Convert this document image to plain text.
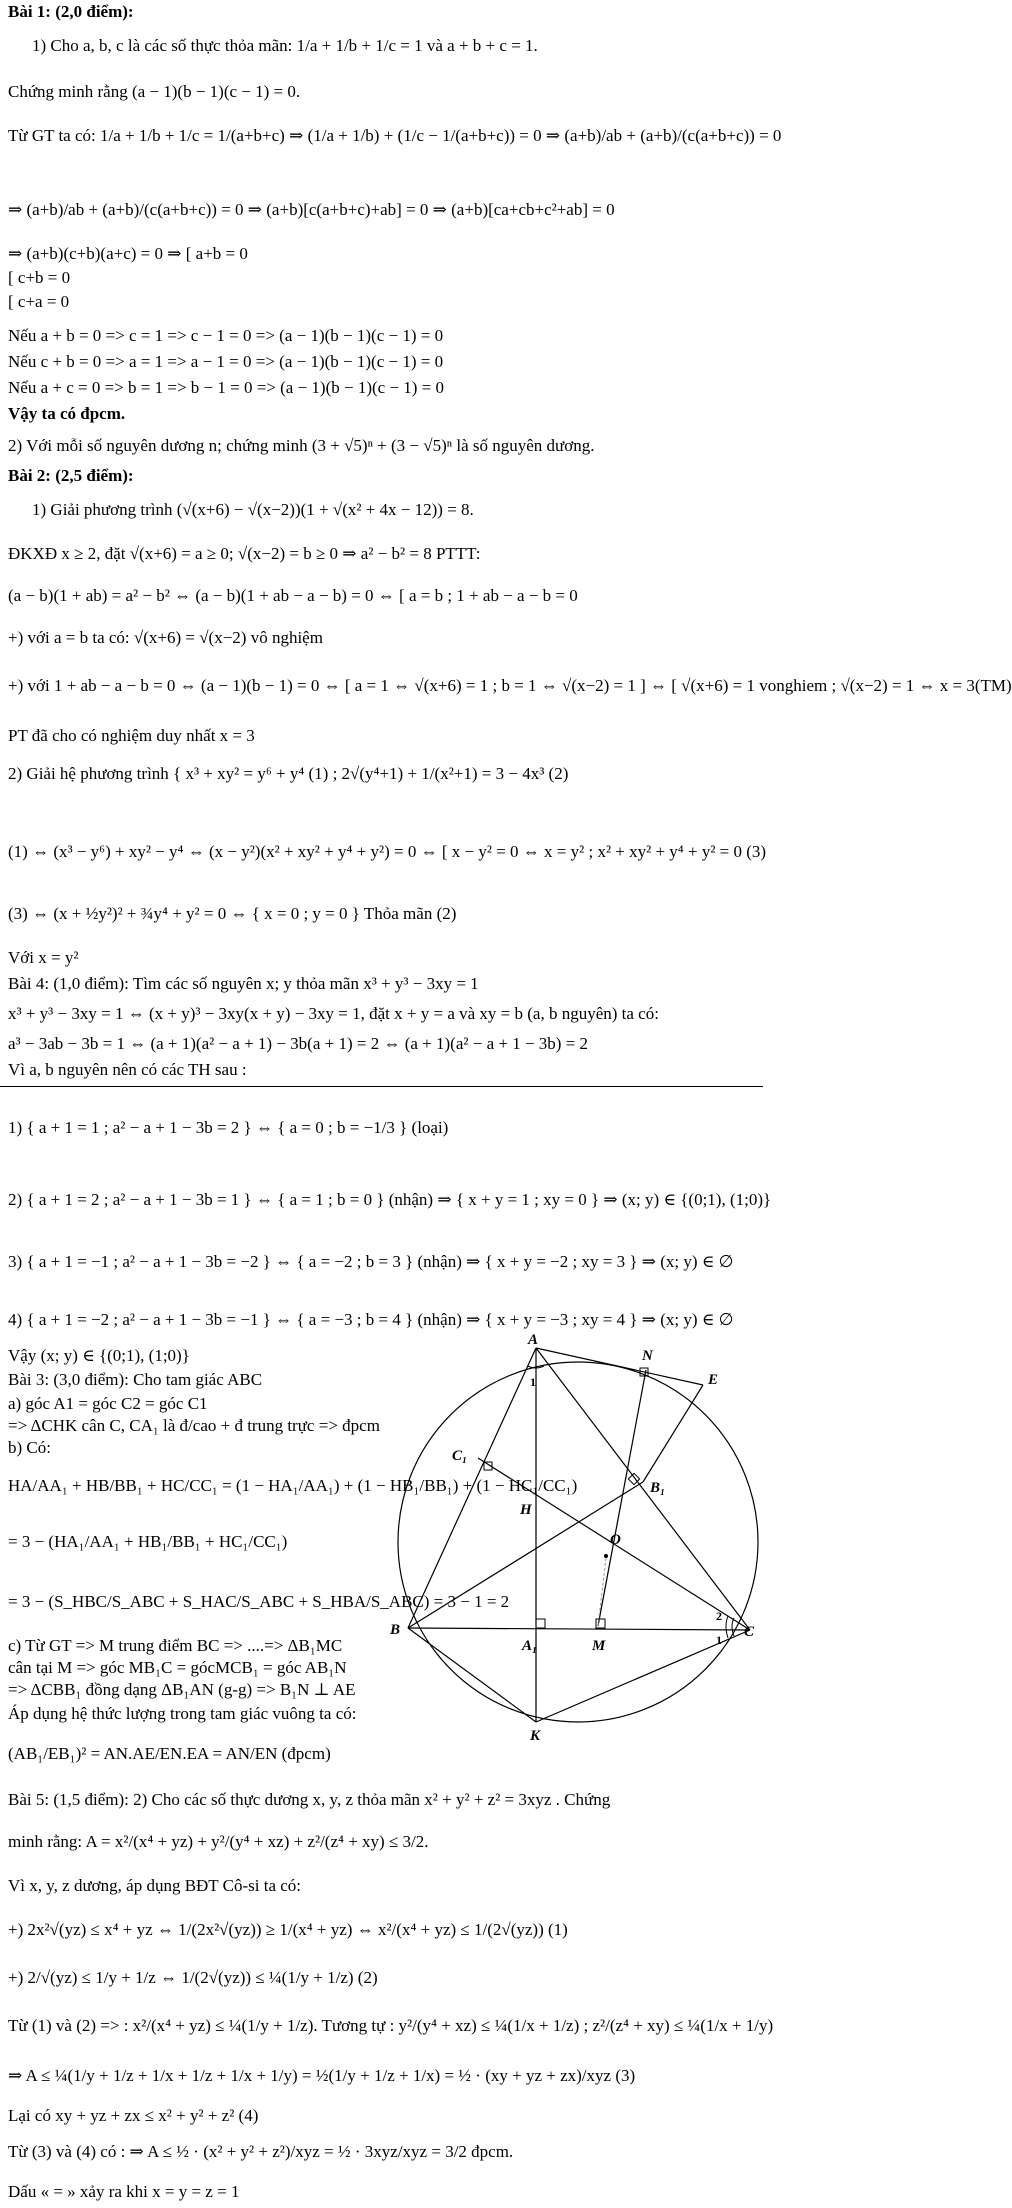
Bài 1: (2,0 điểm):
1) Cho a, b, c là các số thực thỏa mãn: 1/a + 1/b + 1/c = 1 và a + b + c = 1.
Chứng minh rằng (a − 1)(b − 1)(c − 1) = 0.
Từ GT ta có: 1/a + 1/b + 1/c = 1/(a+b+c) ⇒ (1/a + 1/b) + (1/c − 1/(a+b+c)) = 0 ⇒ (a+b)/ab + (a+b)/(c(a+b+c)) = 0
⇒ (a+b)/ab + (a+b)/(c(a+b+c)) = 0 ⇒ (a+b)[c(a+b+c)+ab] = 0 ⇒ (a+b)[ca+cb+c²+ab] = 0
⇒ (a+b)(c+b)(a+c) = 0 ⇒ [ a+b = 0
[ c+b = 0
[ c+a = 0
Nếu a + b = 0 => c = 1 => c − 1 = 0 => (a − 1)(b − 1)(c − 1) = 0
Nếu c + b = 0 => a = 1 => a − 1 = 0 => (a − 1)(b − 1)(c − 1) = 0
Nếu a + c = 0 => b = 1 => b − 1 = 0 => (a − 1)(b − 1)(c − 1) = 0
Vậy ta có đpcm.
2) Với mỗi số nguyên dương n; chứng minh (3 + √5)ⁿ + (3 − √5)ⁿ là số nguyên dương.
Bài 2: (2,5 điểm):
1) Giải phương trình (√(x+6) − √(x−2))(1 + √(x² + 4x − 12)) = 8.
ĐKXĐ x ≥ 2, đặt √(x+6) = a ≥ 0; √(x−2) = b ≥ 0 ⇒ a² − b² = 8 PTTT:
(a − b)(1 + ab) = a² − b² ⇔ (a − b)(1 + ab − a − b) = 0 ⇔ [ a = b ; 1 + ab − a − b = 0
+) với a = b ta có: √(x+6) = √(x−2) vô nghiệm
+) với 1 + ab − a − b = 0 ⇔ (a − 1)(b − 1) = 0 ⇔ [ a = 1 ⇔ √(x+6) = 1 ; b = 1 ⇔ √(x−2) = 1 ] ⇔ [ √(x+6) = 1 vonghiem ; √(x−2) = 1 ⇔ x = 3(TM)
PT đã cho có nghiệm duy nhất x = 3
2) Giải hệ phương trình { x³ + xy² = y⁶ + y⁴ (1) ; 2√(y⁴+1) + 1/(x²+1) = 3 − 4x³ (2)
(1) ⇔ (x³ − y⁶) + xy² − y⁴ ⇔ (x − y²)(x² + xy² + y⁴ + y²) = 0 ⇔ [ x − y² = 0 ⇔ x = y² ; x² + xy² + y⁴ + y² = 0 (3)
(3) ⇔ (x + ½y²)² + ¾y⁴ + y² = 0 ⇔ { x = 0 ; y = 0 } Thỏa mãn (2)
Với x = y²
Bài 4: (1,0 điểm): Tìm các số nguyên x; y thỏa mãn x³ + y³ − 3xy = 1
x³ + y³ − 3xy = 1 ⇔ (x + y)³ − 3xy(x + y) − 3xy = 1, đặt x + y = a và xy = b (a, b nguyên) ta có:
a³ − 3ab − 3b = 1 ⇔ (a + 1)(a² − a + 1) − 3b(a + 1) = 2 ⇔ (a + 1)(a² − a + 1 − 3b) = 2
Vì a, b nguyên nên có các TH sau :
1) { a + 1 = 1 ; a² − a + 1 − 3b = 2 } ⇔ { a = 0 ; b = −1/3 } (loại)
2) { a + 1 = 2 ; a² − a + 1 − 3b = 1 } ⇔ { a = 1 ; b = 0 } (nhận) ⇒ { x + y = 1 ; xy = 0 } ⇒ (x; y) ∈ {(0;1), (1;0)}
3) { a + 1 = −1 ; a² − a + 1 − 3b = −2 } ⇔ { a = −2 ; b = 3 } (nhận) ⇒ { x + y = −2 ; xy = 3 } ⇒ (x; y) ∈ ∅
4) { a + 1 = −2 ; a² − a + 1 − 3b = −1 } ⇔ { a = −3 ; b = 4 } (nhận) ⇒ { x + y = −3 ; xy = 4 } ⇒ (x; y) ∈ ∅
Vậy (x; y) ∈ {(0;1), (1;0)}
Bài 3: (3,0 điểm): Cho tam giác ABC
a) góc A1 = góc C2 = góc C1
=> ΔCHK cân C, CA₁ là đ/cao + đ trung trực => đpcm
b) Có:
HA/AA₁ + HB/BB₁ + HC/CC₁ = (1 − HA₁/AA₁) + (1 − HB₁/BB₁) + (1 − HC₁/CC₁)
= 3 − (HA₁/AA₁ + HB₁/BB₁ + HC₁/CC₁)
= 3 − (S_HBC/S_ABC + S_HAC/S_ABC + S_HBA/S_ABC) = 3 − 1 = 2
c) Từ GT => M trung điểm BC => ....=> ΔB₁MC
cân tại M => góc MB₁C = gócMCB₁ = góc AB₁N
=> ΔCBB₁ đồng dạng ΔB₁AN (g-g) => B₁N ⊥ AE
Áp dụng hệ thức lượng trong tam giác vuông ta có:
(AB₁/EB₁)² = AN.AE/EN.EA = AN/EN (đpcm)
Bài 5: (1,5 điểm): 2) Cho các số thực dương x, y, z thỏa mãn x² + y² + z² = 3xyz . Chứng
minh rằng: A = x²/(x⁴ + yz) + y²/(y⁴ + xz) + z²/(z⁴ + xy) ≤ 3/2.
Vì x, y, z dương, áp dụng BĐT Cô-si ta có:
+) 2x²√(yz) ≤ x⁴ + yz ⇔ 1/(2x²√(yz)) ≥ 1/(x⁴ + yz) ⇔ x²/(x⁴ + yz) ≤ 1/(2√(yz)) (1)
+) 2/√(yz) ≤ 1/y + 1/z ⇔ 1/(2√(yz)) ≤ ¼(1/y + 1/z) (2)
Từ (1) và (2) => : x²/(x⁴ + yz) ≤ ¼(1/y + 1/z). Tương tự : y²/(y⁴ + xz) ≤ ¼(1/x + 1/z) ; z²/(z⁴ + xy) ≤ ¼(1/x + 1/y)
⇒ A ≤ ¼(1/y + 1/z + 1/x + 1/z + 1/x + 1/y) = ½(1/y + 1/z + 1/x) = ½ · (xy + yz + zx)/xyz (3)
Lại có xy + yz + zx ≤ x² + y² + z² (4)
Từ (3) và (4) có : ⇒ A ≤ ½ · (x² + y² + z²)/xyz = ½ · 3xyz/xyz = 3/2 đpcm.
Dấu « = » xảy ra khi x = y = z = 1
A
N
E
B₁
C₁
H
O
B
A₁	M
C
K
1
2
1
